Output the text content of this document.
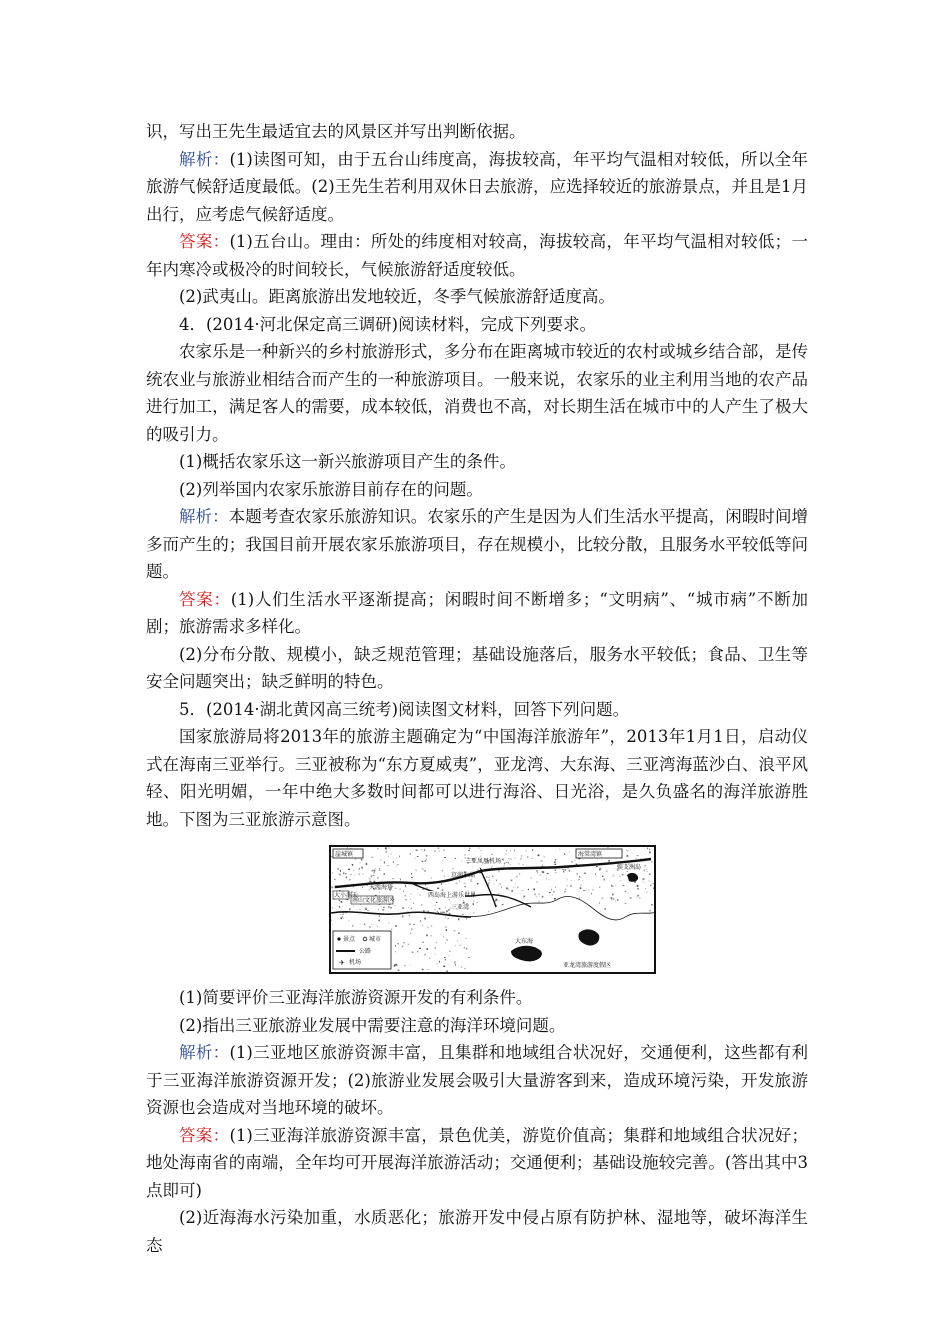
识，写出王先生最适宜去的风景区并写出判断依据。

解析：(1)读图可知，由于五台山纬度高，海拔较高，年平均气温相对较低，所以全年旅游气候舒适度最低。(2)王先生若利用双休日去旅游，应选择较近的旅游景点，并且是1月出行，应考虑气候舒适度。

答案：(1)五台山。理由：所处的纬度相对较高，海拔较高，年平均气温相对较低；一年内寒冷或极冷的时间较长，气候旅游舒适度较低。

(2)武夷山。距离旅游出发地较近，冬季气候旅游舒适度高。

4．(2014·河北保定高三调研)阅读材料，完成下列要求。

农家乐是一种新兴的乡村旅游形式，多分布在距离城市较近的农村或城乡结合部，是传统农业与旅游业相结合而产生的一种旅游项目。一般来说，农家乐的业主利用当地的农产品进行加工，满足客人的需要，成本较低，消费也不高，对长期生活在城市中的人产生了极大的吸引力。

(1)概括农家乐这一新兴旅游项目产生的条件。

(2)列举国内农家乐旅游目前存在的问题。

解析：本题考查农家乐旅游知识。农家乐的产生是因为人们生活水平提高，闲暇时间增多而产生的；我国目前开展农家乐旅游项目，存在规模小，比较分散，且服务水平较低等问题。

答案：(1)人们生活水平逐渐提高；闲暇时间不断增多；“文明病”、“城市病”不断加剧；旅游需求多样化。

(2)分布分散、规模小，缺乏规范管理；基础设施落后，服务水平较低；食品、卫生等安全问题突出；缺乏鲜明的特色。

5．(2014·湖北黄冈高三统考)阅读图文材料，回答下列问题。

国家旅游局将2013年的旅游主题确定为“中国海洋旅游年”，2013年1月1日，启动仪式在海南三亚举行。三亚被称为“东方夏威夷”，亚龙湾、大东海、三亚湾海蓝沙白、浪平风轻、阳光明媚，一年中绝大多数时间都可以进行海浴、日光浴，是久负盛名的海洋旅游胜地。下图为三亚旅游示意图。

✈
崖城镇
三亚凤凰机场
海棠湾镇
天涯海角
南山文化旅游区
大小洞天
京润水晶
三亚湾
西岛海上游乐世界
大东海
亚龙湾旅游度假区
蜈支洲岛
景点 城市
公路
✈ 机场

(1)简要评价三亚海洋旅游资源开发的有利条件。

(2)指出三亚旅游业发展中需要注意的海洋环境问题。

解析：(1)三亚地区旅游资源丰富，且集群和地域组合状况好，交通便利，这些都有利于三亚海洋旅游资源开发；(2)旅游业发展会吸引大量游客到来，造成环境污染，开发旅游资源也会造成对当地环境的破坏。

答案：(1)三亚海洋旅游资源丰富，景色优美，游览价值高；集群和地域组合状况好；地处海南省的南端，全年均可开展海洋旅游活动；交通便利；基础设施较完善。(答出其中3点即可)

(2)近海海水污染加重，水质恶化；旅游开发中侵占原有防护林、湿地等，破坏海洋生态
